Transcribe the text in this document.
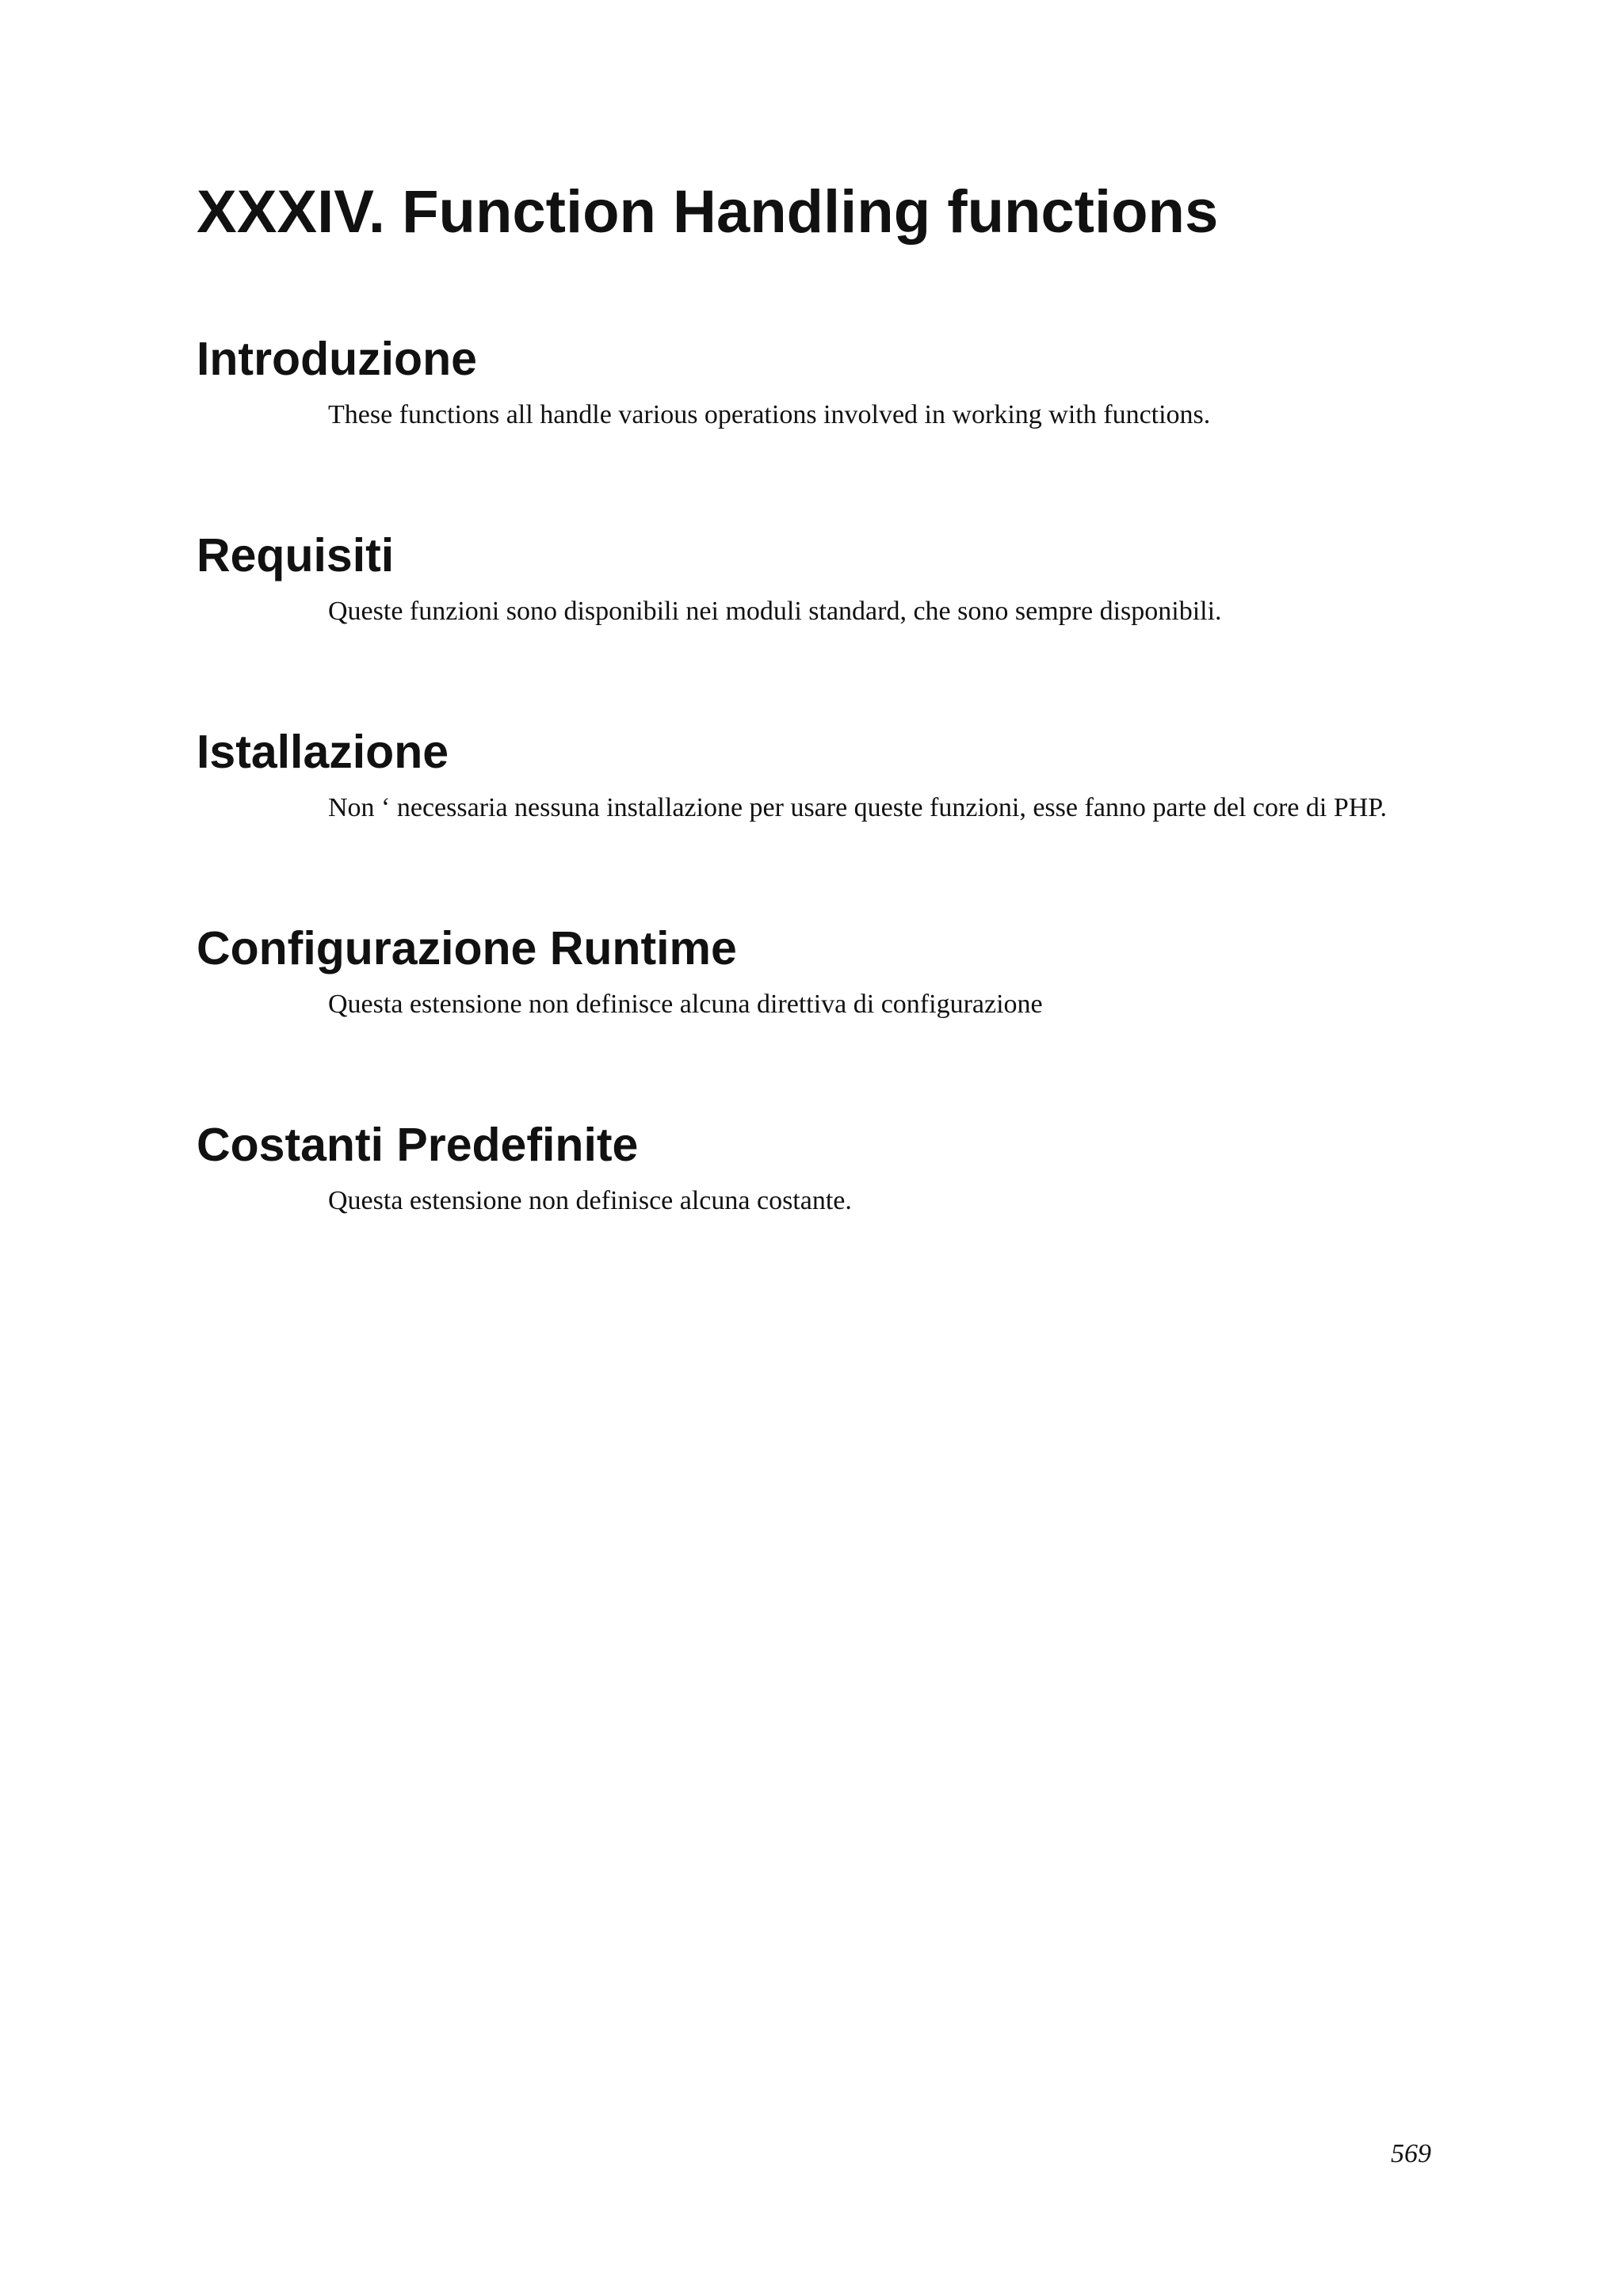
XXXIV. Function Handling functions
Introduzione

These functions all handle various operations involved in working with functions.

Requisiti

Queste funzioni sono disponibili nei moduli standard, che sono sempre disponibili.

Istallazione

Non ‘ necessaria nessuna installazione per usare queste funzioni, esse fanno parte del core di PHP.

Configurazione Runtime

Questa estensione non definisce alcuna direttiva di configurazione

Costanti Predefinite

Questa estensione non definisce alcuna costante.

569
